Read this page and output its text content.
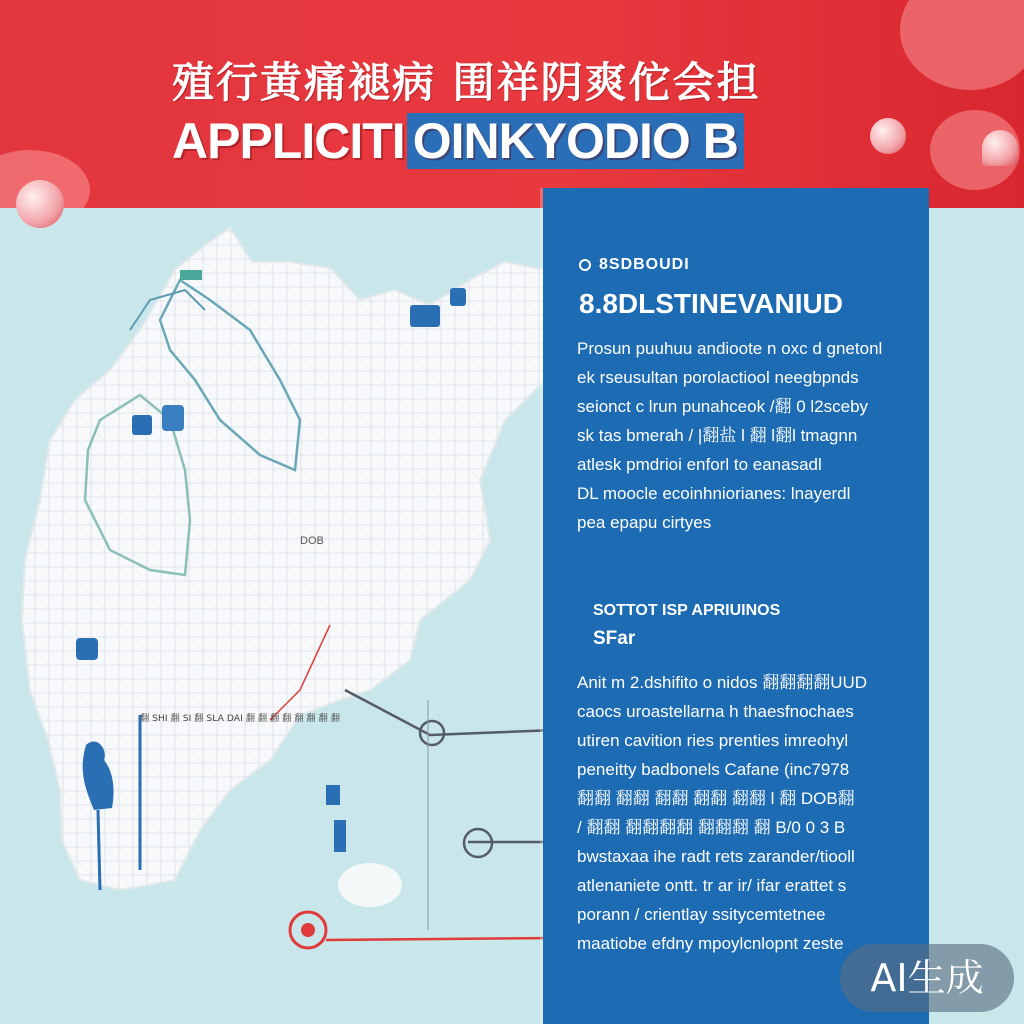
殖行黄痛褪病 围祥阴爽佗会担
APPLICITI OINKYODIO B
DOB
翻 SHI 翻 SI 翻 SLA DAI 翻 翻 翻 翻 翻 翻 翻 翻
8SDBOUDI
8.8DLSTINEVANIUD
Prosun puuhuu andioote n oxc d gnetonl
ek rseusultan porolactiool neegbpnds
seionct c lrun punahceok /翻 0 l2sceby
sk tas bmerah / |翻盐 l 翻 l翻l tmagnn
atlesk pmdrioi enforl to eanasadl
DL moocle ecoinhniorianes: lnayerdl
pea epapu cirtyes
SOTTOT ISP APRIUINOS
SFar
Anit m 2.dshifito o nidos 翻翻翻翻UUD
caocs uroastellarna h thaesfnochaes
utiren cavition ries prenties imreohyl
peneitty badbonels Cafane (inc7978
翻翻 翻翻 翻翻 翻翻 翻翻 l 翻 DOB翻
/ 翻翻 翻翻翻翻 翻翻翻 翻 B/0 0 3 B
bwstaxaa ihe radt rets zarander/tiooll
atlenaniete ontt. tr ar ir/ ifar erattet s
porann / crientlay ssitycemtetnee
maatiobe efdny mpoylcnlopnt zeste
AI生成
